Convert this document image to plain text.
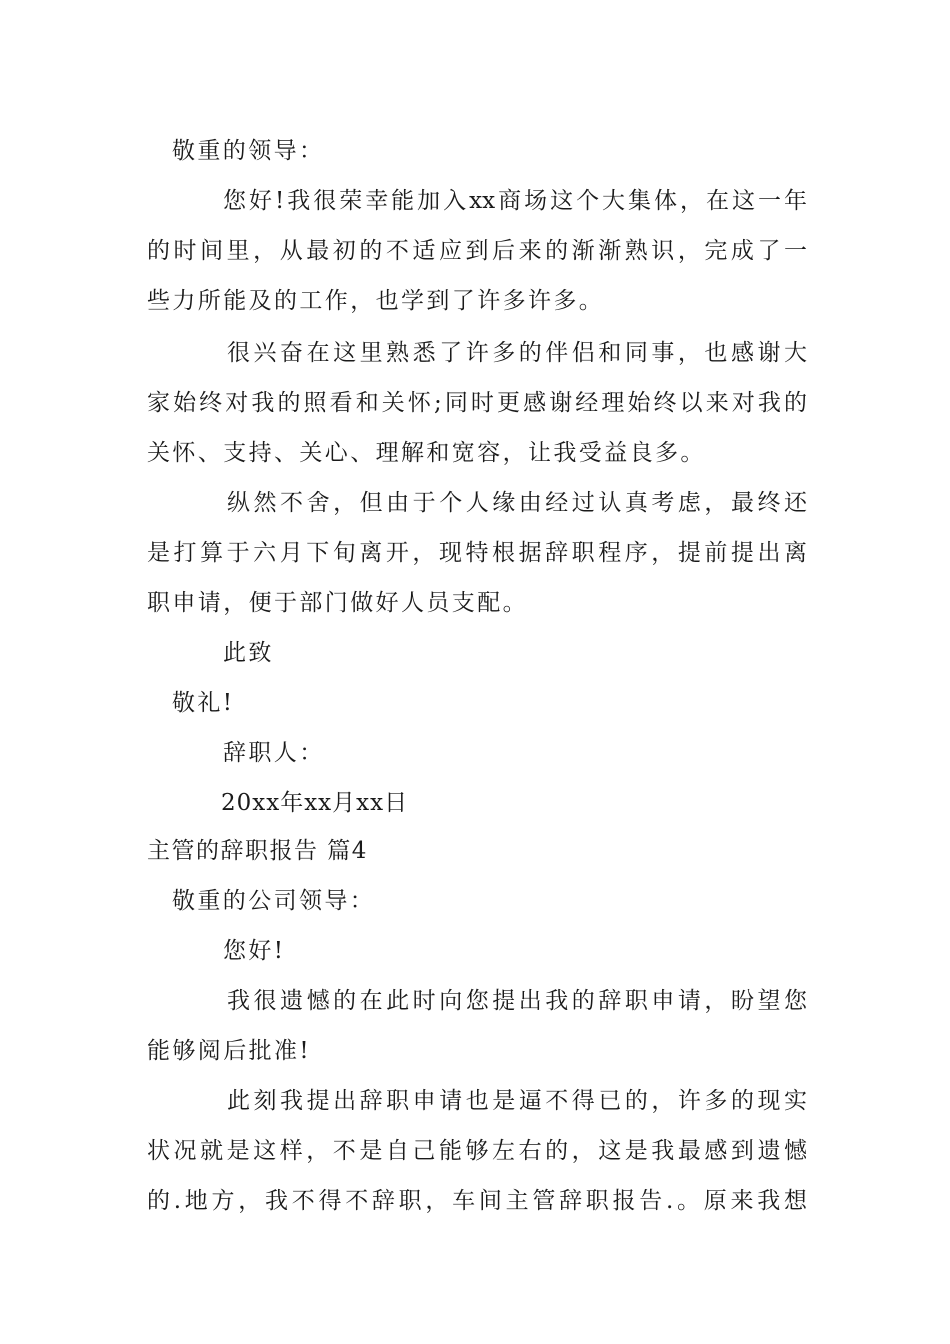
敬重的领导：
您好!我很荣幸能加入xx商场这个大集体，在这一年
的时间里，从最初的不适应到后来的渐渐熟识，完成了一
些力所能及的工作，也学到了许多许多。
很兴奋在这里熟悉了许多的伴侣和同事，也感谢大
家始终对我的照看和关怀;同时更感谢经理始终以来对我的
关怀、支持、关心、理解和宽容，让我受益良多。
纵然不舍，但由于个人缘由经过认真考虑，最终还
是打算于六月下旬离开，现特根据辞职程序，提前提出离
职申请，便于部门做好人员支配。
此致
敬礼!
辞职人：
20xx年xx月xx日
主管的辞职报告 篇4
敬重的公司领导：
您好!
我很遗憾的在此时向您提出我的辞职申请，盼望您
能够阅后批准!
此刻我提出辞职申请也是逼不得已的，许多的现实
状况就是这样，不是自己能够左右的，这是我最感到遗憾
的.地方，我不得不辞职，车间主管辞职报告.。原来我想
